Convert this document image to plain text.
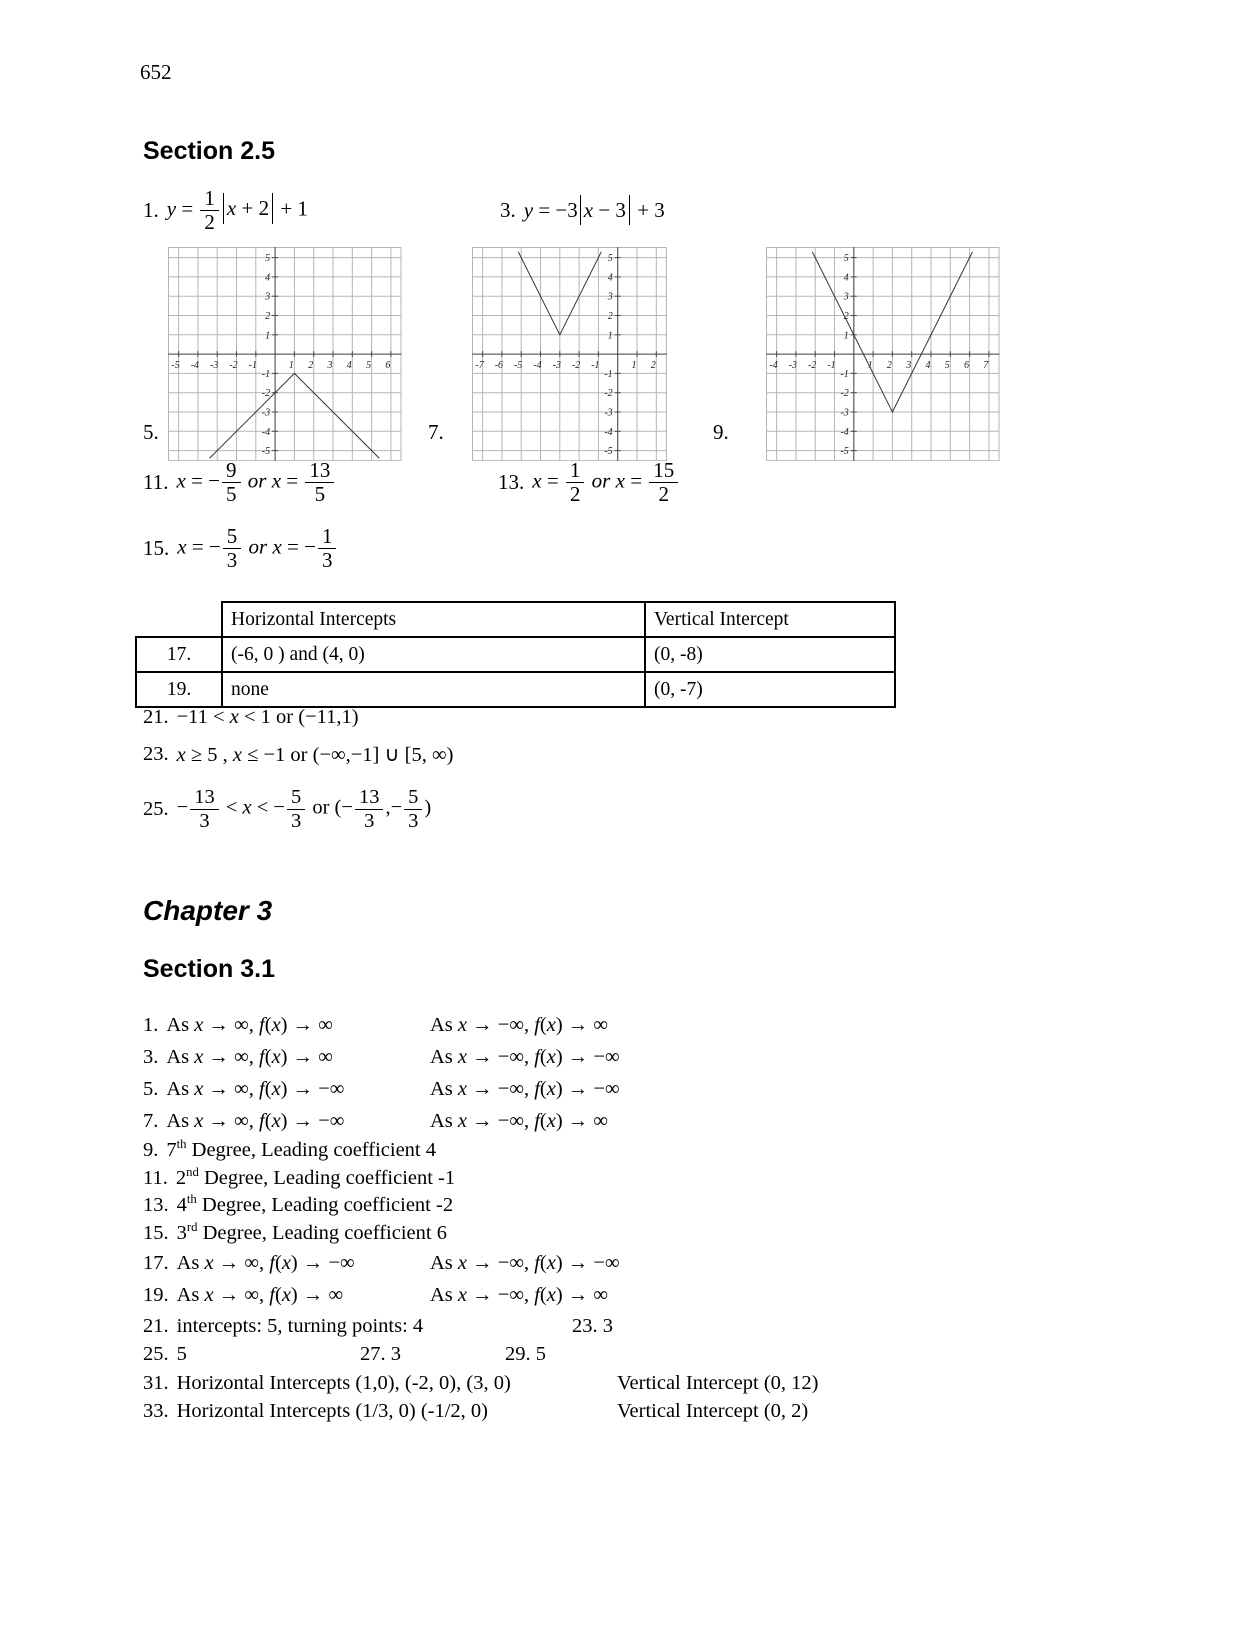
652
Section 2.5
1. $y = \frac{1}{2}$ x + 2 + 1	3. y = −3 x − 3 + 3
-5 -4 -3 -2 -1	1 2 3 4 5 6
5
4
3
2
1
-1
-2
-3
-4
-5
-7 -6 -5 -4 -3 -2 -1	1 2
5
4
3
2
1
-1
-2
-3
-4
-5
-4 -3 -2 -1	1 2 3 4 5 6 7
5
4
3
2
1
-1
-2
-3
-4
-5
5.	7.	9.
11. x = − $\frac{9}{5}$ or $x = \frac{13}{5}$	13. $x = \frac{1}{2}$ or $x = \frac{15}{2}$
15. x = − $\frac{5}{3}$ or x = − $\frac{1}{3}$
	Horizontal Intercepts	Vertical Intercept
17.	(-6, 0 ) and (4, 0)	(0, -8)
19.	none	(0, -7)
21. −11 < x < 1 or (−11,1)
23. x ≥ 5 , x ≤ −1 or (−∞,−1] ∪ [5, ∞)
25. − $\frac{13}{3} < x$ < − $\frac{5}{3}$ or (− $\frac{13}{3}$ ,− $\frac{5}{3}$ )
Chapter 3
Section 3.1
1. As x → ∞, f(x) → ∞	As x → −∞, f(x) → ∞
3. As x → ∞, f(x) → ∞	As x → −∞, f(x) → −∞
5. As x → ∞, f(x) → −∞	As x → −∞, f(x) → −∞
7. As x → ∞, f(x) → −∞	As x → −∞, f(x) → ∞
9. 7th Degree, Leading coefficient 4
11. 2nd Degree, Leading coefficient -1
13. 4th Degree, Leading coefficient -2
15. 3rd Degree, Leading coefficient 6
17. As x → ∞, f(x) → −∞	As x → −∞, f(x) → −∞
19. As x → ∞, f(x) → ∞	As x → −∞, f(x) → ∞
21. intercepts: 5, turning points: 4	23. 3
25. 5	27. 3	29. 5
31. Horizontal Intercepts (1,0), (-2, 0), (3, 0)	Vertical Intercept (0, 12)
33. Horizontal Intercepts (1/3, 0) (-1/2, 0)	Vertical Intercept (0, 2)
